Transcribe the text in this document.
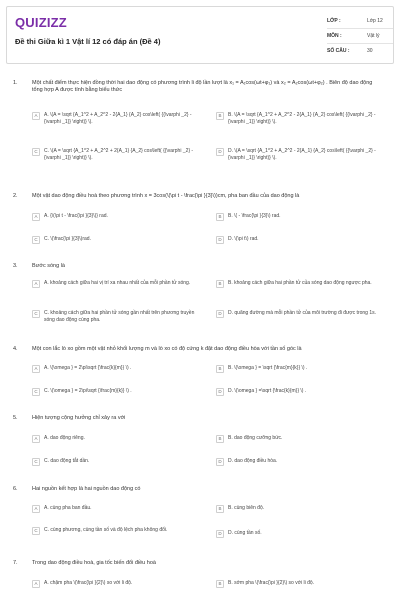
QUIZIZZ
Đề thi Giữa kì 1 Vật lí 12 có đáp án (Đề 4)
LỚP :	Lớp 12
MÔN :	Vật lý
SỐ CÂU :	30
1.	Một chất điểm thực hiện đồng thời hai dao động có phương trình li độ lần lượt là x₁ = A₁cos(ωt+φ₁) và x₂ = A₂cos(ωt+φ₂) . Biên độ dao động tổng hợp A được tính bằng biểu thức
A	A. \(A = \sqrt {A_1^2 + A_2^2 - 2{A_1} {A_2} cos\left( {{\varphi _2} - {\varphi _1}} \right)} \).
B	B. \(A = \sqrt {A_1^2 + A_2^2 - 2{A_1} {A_2} cos\left( {{\varphi _2} - {\varphi _1}} \right)} \).
C	C. \(A = \sqrt {A_1^2 + A_2^2 + 2{A_1} {A_2} cos\left( {{\varphi _2} - {\varphi _1}} \right)} \).
D	D. \(A = \sqrt {A_1^2 + A_2^2 - 2{A_1} {A_2} cos\left( {{\varphi _2} - {\varphi _1}} \right)} \).
2.	Một vật dao động điều hoà theo phương trình x = 3cos(\(\pi t - \frac{\pi }{3}\))cm, pha ban đầu của dao động là
A	A. {\(\pi t - \frac{\pi }{3}\)} rad.	B	B. \( - \frac{\pi }{3}\) rad.
C	C. \(\frac{\pi }{3}\)rad.	D	D. \(\pi t\) rad.
3.	Bước sóng là
A	A. khoảng cách giữa hai vị trí xa nhau nhất của mỗi phần tử sóng.	B	B. khoảng cách giữa hai phần tử của sóng dao động ngược pha.
C	C. khoảng cách giữa hai phần tử sóng gần nhất trên phương truyền sóng dao động cùng pha.
D	D. quãng đường mà mỗi phần tử của môi trường đi được trong 1s.
4.	Một con lắc lò xo gồm một vật nhỏ khối lượng m và lò xo có độ cứng k đặt dao động điều hòa với tần số góc là
A	A. \(\omega } = 2\pi\sqrt {\frac{k}{m}} \) .	B	B. \(\omega } = \sqrt {\frac{m}{k}} \) .
C	C. \(\omega } = 2\pi\sqrt {\frac{m}{k}} \) .	D	D. \(\omega } =\sqrt {\frac{k}{m}} \) .
5.	Hiện tượng cộng hưởng chỉ xảy ra với
A	A. dao động riêng.	B	B. dao động cưỡng bức.
C	C. dao động tắt dần.	D	D. dao động điều hòa.
6.	Hai nguồn kết hợp là hai nguồn dao động có
A	A. cùng pha ban đầu.	B	B. cùng biên độ.
C	C. cùng phương, cùng tần số và độ lệch pha không đổi.
D	D. cùng tần số.
7.	Trong dao động điều hoà, gia tốc biến đổi điều hoà
A	A. chậm pha \(\frac{\pi }{2}\) so với li độ.	B	B. sớm pha \(\frac{\pi }{2}\) so với li độ.
